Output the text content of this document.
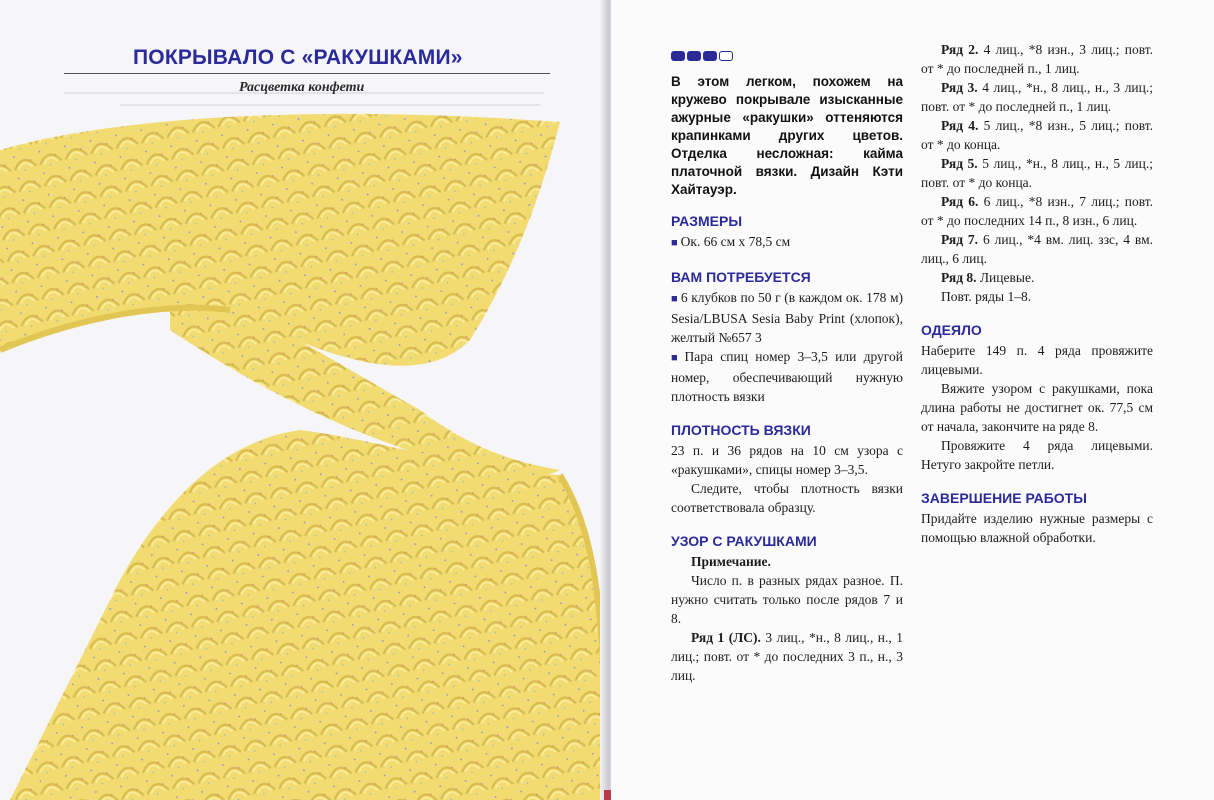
ПОКРЫВАЛО С «РАКУШКАМИ»

Расцветка конфети	В этом легком, похожем на кружево покрывале изысканные ажурные «ракушки» оттеняются крапинками других цветов. Отделка несложная: кайма платочной вязки. Дизайн Кэти Хайтауэр.

РАЗМЕРЫ

■ Ок. 66 см х 78,5 см

ВАМ ПОТРЕБУЕТСЯ

■ 6 клубков по 50 г (в каждом ок. 178 м) Sesia/LBUSA Sesia Baby Print (хлопок), желтый №657 3

■ Пара спиц номер 3–3,5 или другой номер, обеспечивающий нужную плотность вязки

ПЛОТНОСТЬ ВЯЗКИ

23 п. и 36 рядов на 10 см узора с «ракушками», спицы номер 3–3,5.

Следите, чтобы плотность вязки соответствовала образцу.

УЗОР С РАКУШКАМИ

Примечание.

Число п. в разных рядах разное. П. нужно считать только после рядов 7 и 8.

Ряд 1 (ЛС). 3 лиц., *н., 8 лиц., н., 1 лиц.; повт. от * до последних 3 п., н., 3 лиц.

Ряд 2. 4 лиц., *8 изн., 3 лиц.; повт. от * до последней п., 1 лиц.

Ряд 3. 4 лиц., *н., 8 лиц., н., 3 лиц.; повт. от * до последней п., 1 лиц.

Ряд 4. 5 лиц., *8 изн., 5 лиц.; повт. от * до конца.

Ряд 5. 5 лиц., *н., 8 лиц., н., 5 лиц.; повт. от * до конца.

Ряд 6. 6 лиц., *8 изн., 7 лиц.; повт. от * до последних 14 п., 8 изн., 6 лиц.

Ряд 7. 6 лиц., *4 вм. лиц. ззс, 4 вм. лиц., 6 лиц.

Ряд 8. Лицевые.

Повт. ряды 1–8.

ОДЕЯЛО

Наберите 149 п. 4 ряда провяжите лицевыми.

Вяжите узором с ракушками, пока длина работы не достигнет ок. 77,5 см от начала, закончите на ряде 8.

Провяжите 4 ряда лицевыми. Нетуго закройте петли.

ЗАВЕРШЕНИЕ РАБОТЫ

Придайте изделию нужные размеры с помощью влажной обработки.
